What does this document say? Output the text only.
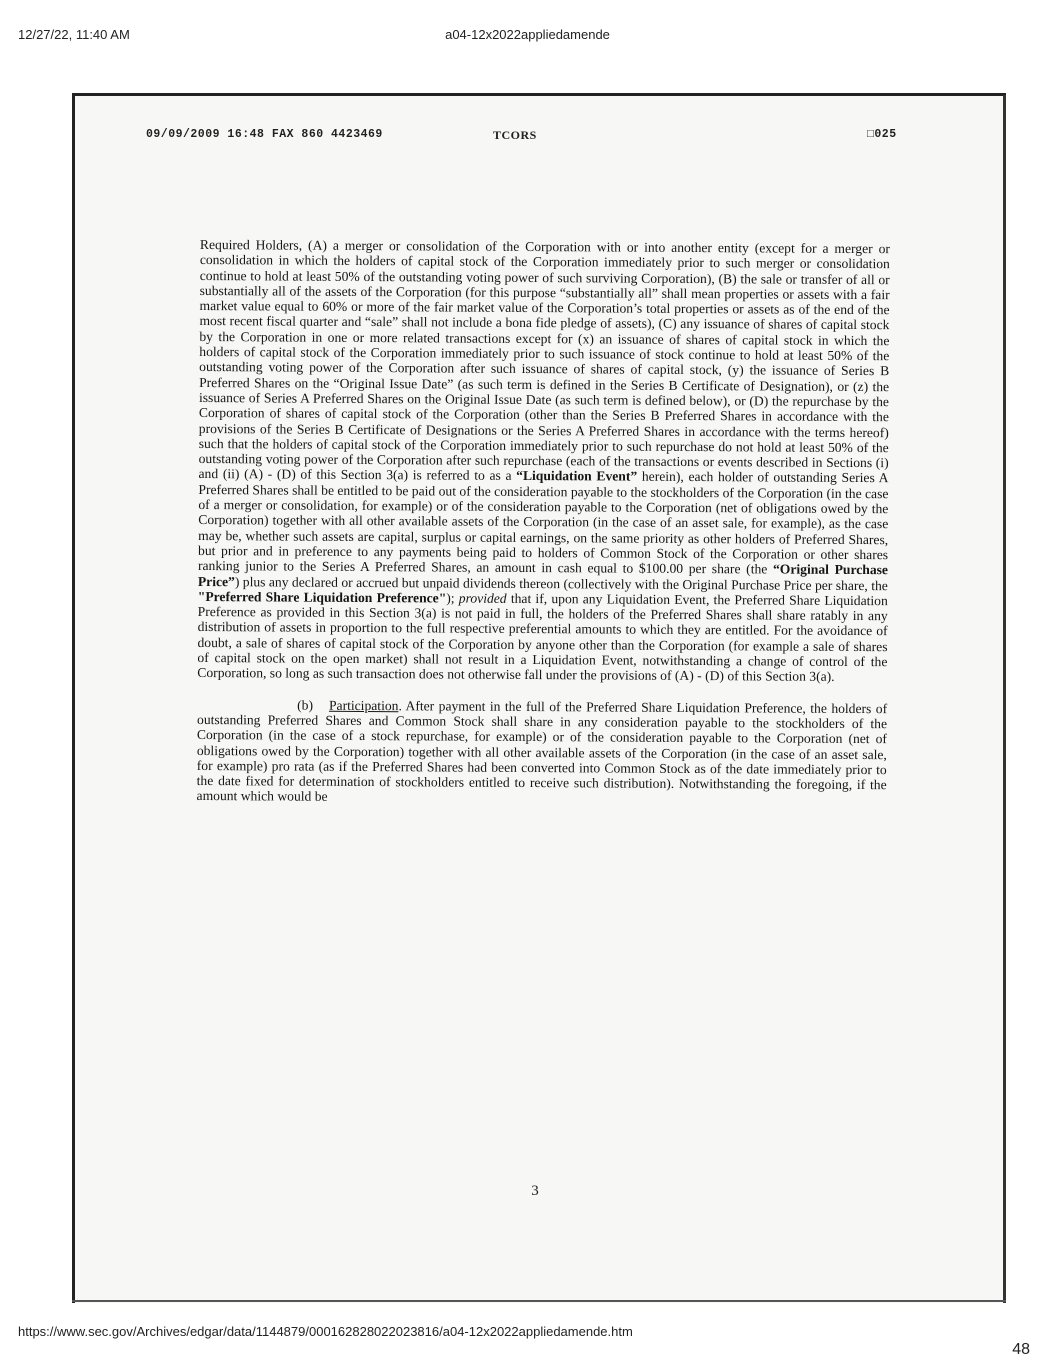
12/27/22, 11:40 AM	a04-12x2022appliedamende
09/09/2009 16:48 FAX 860 4423469	TCORS	□025

Required Holders, (A) a merger or consolidation of the Corporation with or into another entity (except for a merger or consolidation in which the holders of capital stock of the Corporation immediately prior to such merger or consolidation continue to hold at least 50% of the outstanding voting power of such surviving Corporation), (B) the sale or transfer of all or substantially all of the assets of the Corporation (for this purpose “substantially all” shall mean properties or assets with a fair market value equal to 60% or more of the fair market value of the Corporation’s total properties or assets as of the end of the most recent fiscal quarter and “sale” shall not include a bona fide pledge of assets), (C) any issuance of shares of capital stock by the Corporation in one or more related transactions except for (x) an issuance of shares of capital stock in which the holders of capital stock of the Corporation immediately prior to such issuance of stock continue to hold at least 50% of the outstanding voting power of the Corporation after such issuance of shares of capital stock, (y) the issuance of Series B Preferred Shares on the “Original Issue Date” (as such term is defined in the Series B Certificate of Designation), or (z) the issuance of Series A Preferred Shares on the Original Issue Date (as such term is defined below), or (D) the repurchase by the Corporation of shares of capital stock of the Corporation (other than the Series B Preferred Shares in accordance with the provisions of the Series B Certificate of Designations or the Series A Preferred Shares in accordance with the terms hereof) such that the holders of capital stock of the Corporation immediately prior to such repurchase do not hold at least 50% of the outstanding voting power of the Corporation after such repurchase (each of the transactions or events described in Sections (i) and (ii) (A) - (D) of this Section 3(a) is referred to as a “Liquidation Event” herein), each holder of outstanding Series A Preferred Shares shall be entitled to be paid out of the consideration payable to the stockholders of the Corporation (in the case of a merger or consolidation, for example) or of the consideration payable to the Corporation (net of obligations owed by the Corporation) together with all other available assets of the Corporation (in the case of an asset sale, for example), as the case may be, whether such assets are capital, surplus or capital earnings, on the same priority as other holders of Preferred Shares, but prior and in preference to any payments being paid to holders of Common Stock of the Corporation or other shares ranking junior to the Series A Preferred Shares, an amount in cash equal to $100.00 per share (the “Original Purchase Price”) plus any declared or accrued but unpaid dividends thereon (collectively with the Original Purchase Price per share, the "Preferred Share Liquidation Preference"); provided that if, upon any Liquidation Event, the Preferred Share Liquidation Preference as provided in this Section 3(a) is not paid in full, the holders of the Preferred Shares shall share ratably in any distribution of assets in proportion to the full respective preferential amounts to which they are entitled. For the avoidance of doubt, a sale of shares of capital stock of the Corporation by anyone other than the Corporation (for example a sale of shares of capital stock on the open market) shall not result in a Liquidation Event, notwithstanding a change of control of the Corporation, so long as such transaction does not otherwise fall under the provisions of (A) - (D) of this Section 3(a).

(b) Participation. After payment in the full of the Preferred Share Liquidation Preference, the holders of outstanding Preferred Shares and Common Stock shall share in any consideration payable to the stockholders of the Corporation (in the case of a stock repurchase, for example) or of the consideration payable to the Corporation (net of obligations owed by the Corporation) together with all other available assets of the Corporation (in the case of an asset sale, for example) pro rata (as if the Preferred Shares had been converted into Common Stock as of the date immediately prior to the date fixed for determination of stockholders entitled to receive such distribution). Notwithstanding the foregoing, if the amount which would be

3
https://www.sec.gov/Archives/edgar/data/1144879/000162828022023816/a04-12x2022appliedamende.htm
48
